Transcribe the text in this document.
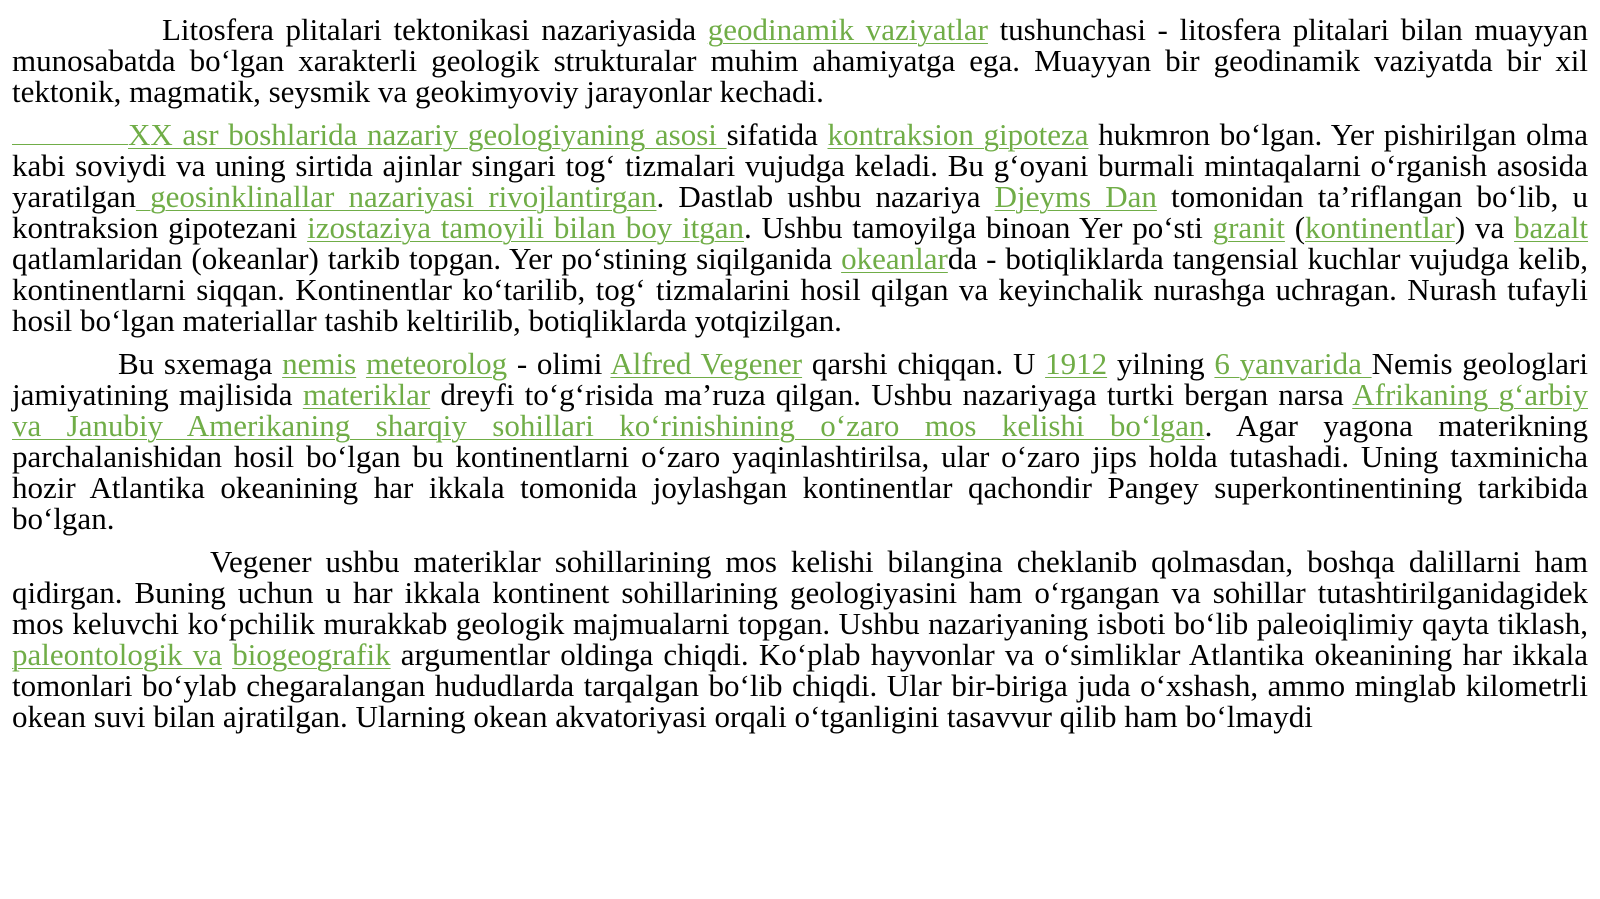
Litosfera plitalari tektonikasi nazariyasida geodinamik vaziyatlar tushunchasi - litosfera plitalari bilan muayyan munosabatda bo‘lgan xarakterli geologik strukturalar muhim ahamiyatga ega. Muayyan bir geodinamik vaziyatda bir xil tektonik, magmatik, seysmik va geokimyoviy jarayonlar kechadi.

XX asr boshlarida nazariy geologiyaning asosi sifatida kontraksion gipoteza hukmron bo‘lgan. Yer pishirilgan olma kabi soviydi va uning sirtida ajinlar singari tog‘ tizmalari vujudga keladi. Bu g‘oyani burmali mintaqalarni o‘rganish asosida yaratilgan geosinklinallar nazariyasi rivojlantirgan. Dastlab ushbu nazariya Djeyms Dan tomonidan ta’riflangan bo‘lib, u kontraksion gipotezani izostaziya tamoyili bilan boy itgan. Ushbu tamoyilga binoan Yer po‘sti granit (kontinentlar) va bazalt qatlamlaridan (okeanlar) tarkib topgan. Yer po‘stining siqilganida okeanlarda - botiqliklarda tangensial kuchlar vujudga kelib, kontinentlarni siqqan. Kontinentlar ko‘tarilib, tog‘ tizmalarini hosil qilgan va keyinchalik nurashga uchragan. Nurash tufayli hosil bo‘lgan materiallar tashib keltirilib, botiqliklarda yotqizilgan.

Bu sxemaga nemis meteorolog - olimi Alfred Vegener qarshi chiqqan. U 1912 yilning 6 yanvarida Nemis geologlari jamiyatining majlisida materiklar dreyfi to‘g‘risida ma’ruza qilgan. Ushbu nazariyaga turtki bergan narsa Afrikaning g‘arbiy va Janubiy Amerikaning sharqiy sohillari ko‘rinishining o‘zaro mos kelishi bo‘lgan. Agar yagona materikning parchalanishidan hosil bo‘lgan bu kontinentlarni o‘zaro yaqinlashtirilsa, ular o‘zaro jips holda tutashadi. Uning taxminicha hozir Atlantika okeanining har ikkala tomonida joylashgan kontinentlar qachondir Pangey superkontinentining tarkibida bo‘lgan.

Vegener ushbu materiklar sohillarining mos kelishi bilangina cheklanib qolmasdan, boshqa dalillarni ham qidirgan. Buning uchun u har ikkala kontinent sohillarining geologiyasini ham o‘rgangan va sohillar tutashtirilganidagidek mos keluvchi ko‘pchilik murakkab geologik majmualarni topgan. Ushbu nazariyaning isboti bo‘lib paleoiqlimiy qayta tiklash, paleontologik va biogeografik argumentlar oldinga chiqdi. Ko‘plab hayvonlar va o‘simliklar Atlantika okeanining har ikkala tomonlari bo‘ylab chegaralangan hududlarda tarqalgan bo‘lib chiqdi. Ular bir-biriga juda o‘xshash, ammo minglab kilometrli okean suvi bilan ajratilgan. Ularning okean akvatoriyasi orqali o‘tganligini tasavvur qilib ham bo‘lmaydi
